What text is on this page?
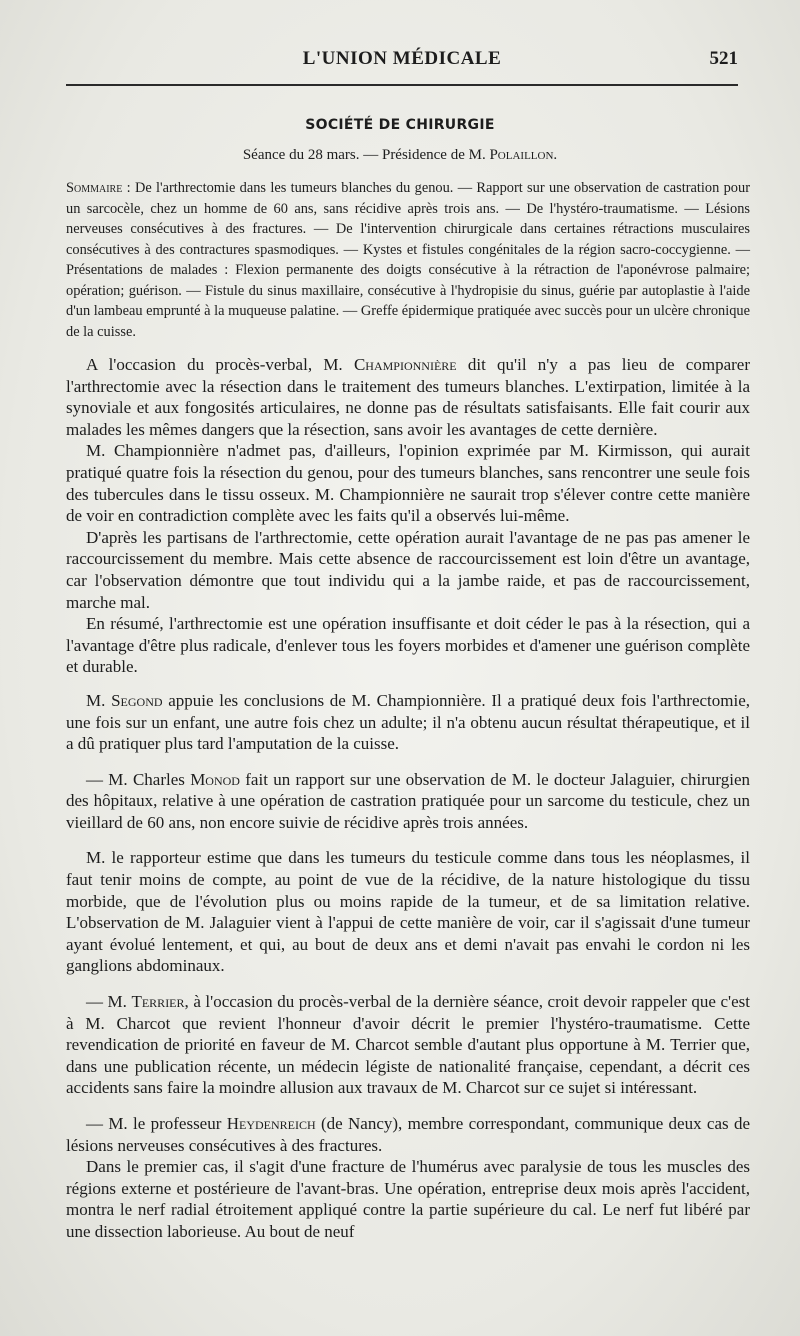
L'UNION MÉDICALE	521
SOCIÉTÉ DE CHIRURGIE
Séance du 28 mars. — Présidence de M. Polaillon.
Sommaire : De l'arthrectomie dans les tumeurs blanches du genou. — Rapport sur une observation de castration pour un sarcocèle, chez un homme de 60 ans, sans récidive après trois ans. — De l'hystéro-traumatisme. — Lésions nerveuses consécutives à des fractures. — De l'intervention chirurgicale dans certaines rétractions musculaires consécutives à des contractures spasmodiques. — Kystes et fistules congénitales de la région sacro-coccygienne. — Présentations de malades : Flexion permanente des doigts consécutive à la rétraction de l'aponévrose palmaire; opération; guérison. — Fistule du sinus maxillaire, consécutive à l'hydropisie du sinus, guérie par autoplastie à l'aide d'un lambeau emprunté à la muqueuse palatine. — Greffe épidermique pratiquée avec succès pour un ulcère chronique de la cuisse.

A l'occasion du procès-verbal, M. Championnière dit qu'il n'y a pas lieu de comparer l'arthrectomie avec la résection dans le traitement des tumeurs blanches. L'extirpation, limitée à la synoviale et aux fongosités articulaires, ne donne pas de résultats satisfaisants. Elle fait courir aux malades les mêmes dangers que la résection, sans avoir les avantages de cette dernière.

M. Championnière n'admet pas, d'ailleurs, l'opinion exprimée par M. Kirmisson, qui aurait pratiqué quatre fois la résection du genou, pour des tumeurs blanches, sans rencontrer une seule fois des tubercules dans le tissu osseux. M. Championnière ne saurait trop s'élever contre cette manière de voir en contradiction complète avec les faits qu'il a observés lui-même.

D'après les partisans de l'arthrectomie, cette opération aurait l'avantage de ne pas pas amener le raccourcissement du membre. Mais cette absence de raccourcissement est loin d'être un avantage, car l'observation démontre que tout individu qui a la jambe raide, et pas de raccourcissement, marche mal.

En résumé, l'arthrectomie est une opération insuffisante et doit céder le pas à la résection, qui a l'avantage d'être plus radicale, d'enlever tous les foyers morbides et d'amener une guérison complète et durable.

M. Segond appuie les conclusions de M. Championnière. Il a pratiqué deux fois l'arthrectomie, une fois sur un enfant, une autre fois chez un adulte; il n'a obtenu aucun résultat thérapeutique, et il a dû pratiquer plus tard l'amputation de la cuisse.

— M. Charles Monod fait un rapport sur une observation de M. le docteur Jalaguier, chirurgien des hôpitaux, relative à une opération de castration pratiquée pour un sarcome du testicule, chez un vieillard de 60 ans, non encore suivie de récidive après trois années.

M. le rapporteur estime que dans les tumeurs du testicule comme dans tous les néoplasmes, il faut tenir moins de compte, au point de vue de la récidive, de la nature histologique du tissu morbide, que de l'évolution plus ou moins rapide de la tumeur, et de sa limitation relative. L'observation de M. Jalaguier vient à l'appui de cette manière de voir, car il s'agissait d'une tumeur ayant évolué lentement, et qui, au bout de deux ans et demi n'avait pas envahi le cordon ni les ganglions abdominaux.

— M. Terrier, à l'occasion du procès-verbal de la dernière séance, croit devoir rappeler que c'est à M. Charcot que revient l'honneur d'avoir décrit le premier l'hystéro-traumatisme. Cette revendication de priorité en faveur de M. Charcot semble d'autant plus opportune à M. Terrier que, dans une publication récente, un médecin légiste de nationalité française, cependant, a décrit ces accidents sans faire la moindre allusion aux travaux de M. Charcot sur ce sujet si intéressant.

— M. le professeur Heydenreich (de Nancy), membre correspondant, communique deux cas de lésions nerveuses consécutives à des fractures.

Dans le premier cas, il s'agit d'une fracture de l'humérus avec paralysie de tous les muscles des régions externe et postérieure de l'avant-bras. Une opération, entreprise deux mois après l'accident, montra le nerf radial étroitement appliqué contre la partie supérieure du cal. Le nerf fut libéré par une dissection laborieuse. Au bout de neuf
